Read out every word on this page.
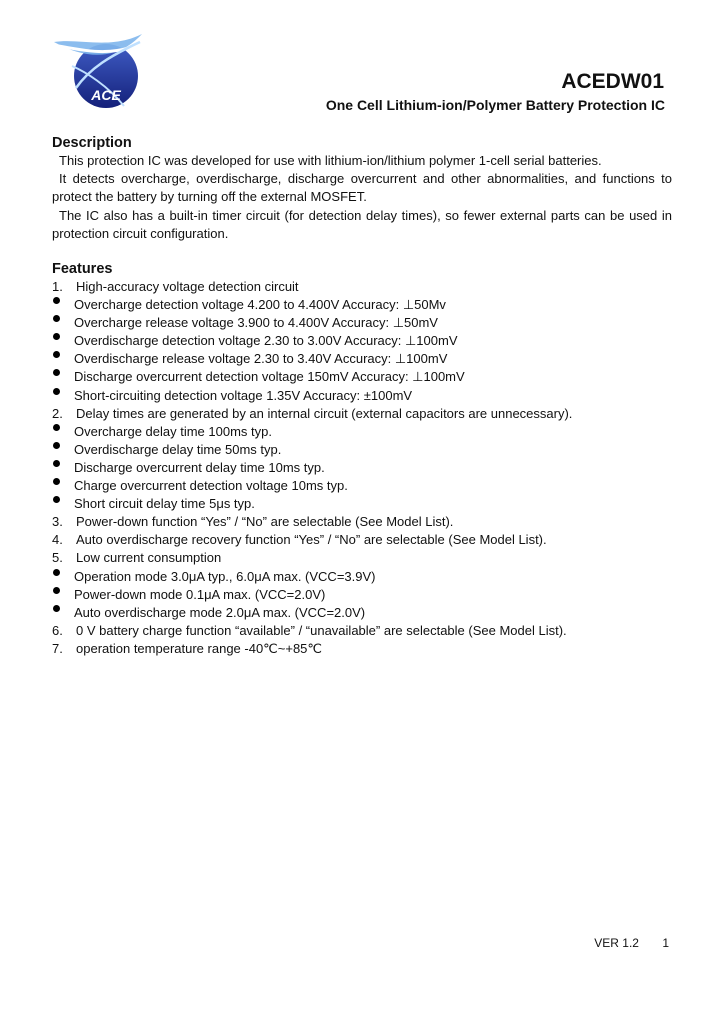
ACE
ACEDW01
One Cell Lithium-ion/Polymer Battery Protection IC
Description

This protection IC was developed for use with lithium-ion/lithium polymer 1-cell serial batteries.

It detects overcharge, overdischarge, discharge overcurrent and other abnormalities, and functions to protect the battery by turning off the external MOSFET.

The IC also has a built-in timer circuit (for detection delay times), so fewer external parts can be used in protection circuit configuration.

Features
1.	High-accuracy voltage detection circuit
Overcharge detection voltage 4.200 to 4.400V Accuracy: ⊥50Mv
Overcharge release voltage 3.900 to 4.400V Accuracy: ⊥50mV
Overdischarge detection voltage 2.30 to 3.00V Accuracy: ⊥100mV
Overdischarge release voltage 2.30 to 3.40V Accuracy: ⊥100mV
Discharge overcurrent detection voltage 150mV Accuracy: ⊥100mV
Short-circuiting detection voltage 1.35V Accuracy: ±100mV
2.	Delay times are generated by an internal circuit (external capacitors are unnecessary).
Overcharge delay time 100ms typ.
Overdischarge delay time 50ms typ.
Discharge overcurrent delay time 10ms typ.
Charge overcurrent detection voltage 10ms typ.
Short circuit delay time 5μs typ.
3.	Power-down function “Yes” / “No” are selectable (See Model List).
4.	Auto overdischarge recovery function “Yes” / “No” are selectable (See Model List).
5.	Low current consumption
Operation mode 3.0μA typ., 6.0μA max. (VCC=3.9V)
Power-down mode 0.1μA max. (VCC=2.0V)
Auto overdischarge mode 2.0μA max. (VCC=2.0V)
6.	0 V battery charge function “available” / “unavailable” are selectable (See Model List).
7.	operation temperature range -40℃~+85℃
VER 1.2 1
